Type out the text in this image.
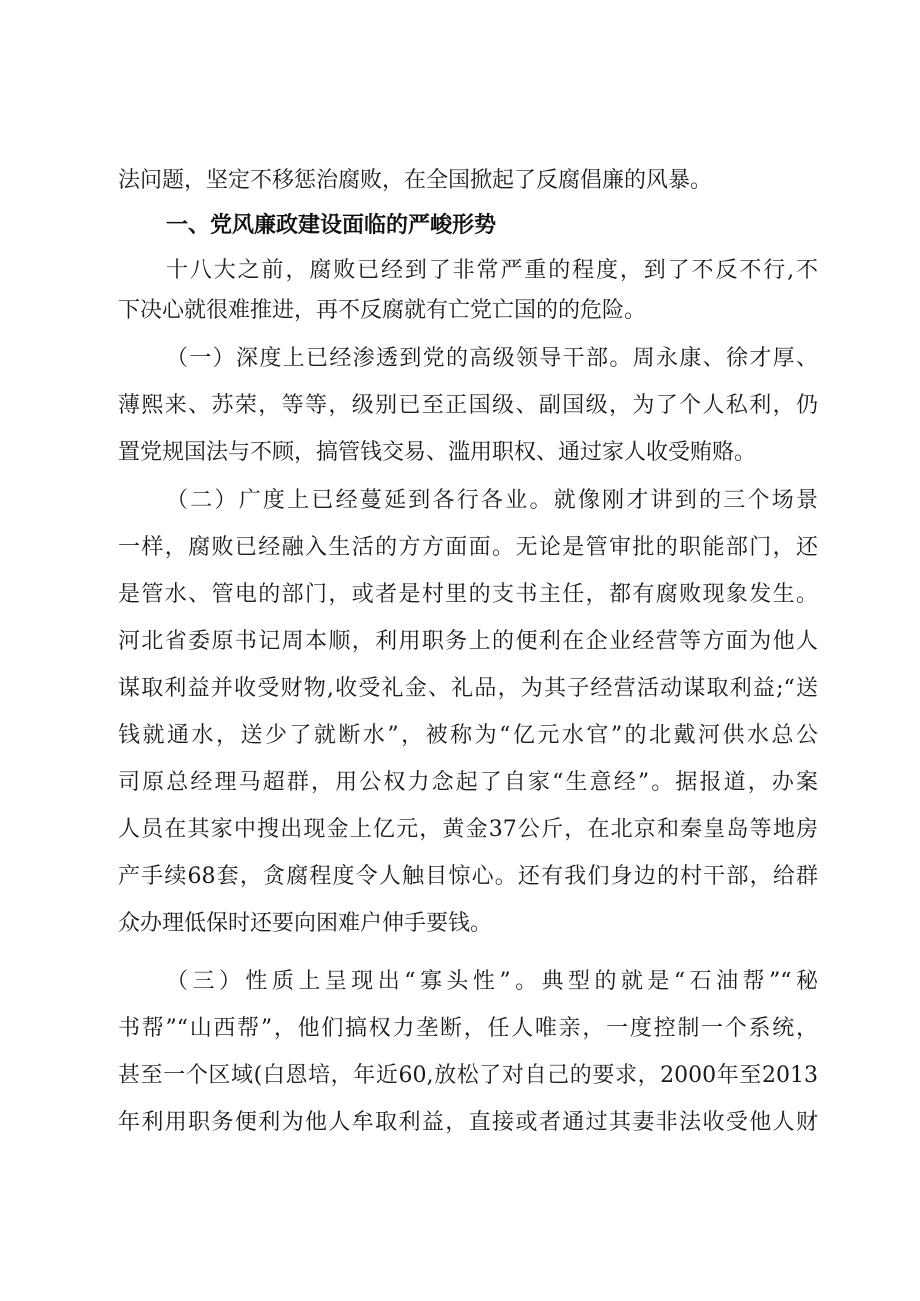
法问题，坚定不移惩治腐败，在全国掀起了反腐倡廉的风暴。
一、党风廉政建设面临的严峻形势
十八大之前，腐败已经到了非常严重的程度，到了不反不行,不
下决心就很难推进，再不反腐就有亡党亡国的的危险。
（一）深度上已经渗透到党的高级领导干部。周永康、徐才厚、
薄熙来、苏荣，等等，级别已至正国级、副国级，为了个人私利，仍
置党规国法与不顾，搞管钱交易、滥用职权、通过家人收受贿赂。
（二）广度上已经蔓延到各行各业。就像刚才讲到的三个场景
一样，腐败已经融入生活的方方面面。无论是管审批的职能部门，还
是管水、管电的部门，或者是村里的支书主任，都有腐败现象发生。
河北省委原书记周本顺，利用职务上的便利在企业经营等方面为他人
谋取利益并收受财物,收受礼金、礼品，为其子经营活动谋取利益;“送
钱就通水，送少了就断水”，被称为“亿元水官”的北戴河供水总公
司原总经理马超群，用公权力念起了自家“生意经”。据报道，办案
人员在其家中搜出现金上亿元，黄金37公斤，在北京和秦皇岛等地房
产手续68套，贪腐程度令人触目惊心。还有我们身边的村干部，给群
众办理低保时还要向困难户伸手要钱。
（三）性质上呈现出“寡头性”。典型的就是“石油帮”“秘
书帮”“山西帮”，他们搞权力垄断，任人唯亲，一度控制一个系统，
甚至一个区域(白恩培，年近60,放松了对自己的要求，2000年至2013
年利用职务便利为他人牟取利益，直接或者通过其妻非法收受他人财
